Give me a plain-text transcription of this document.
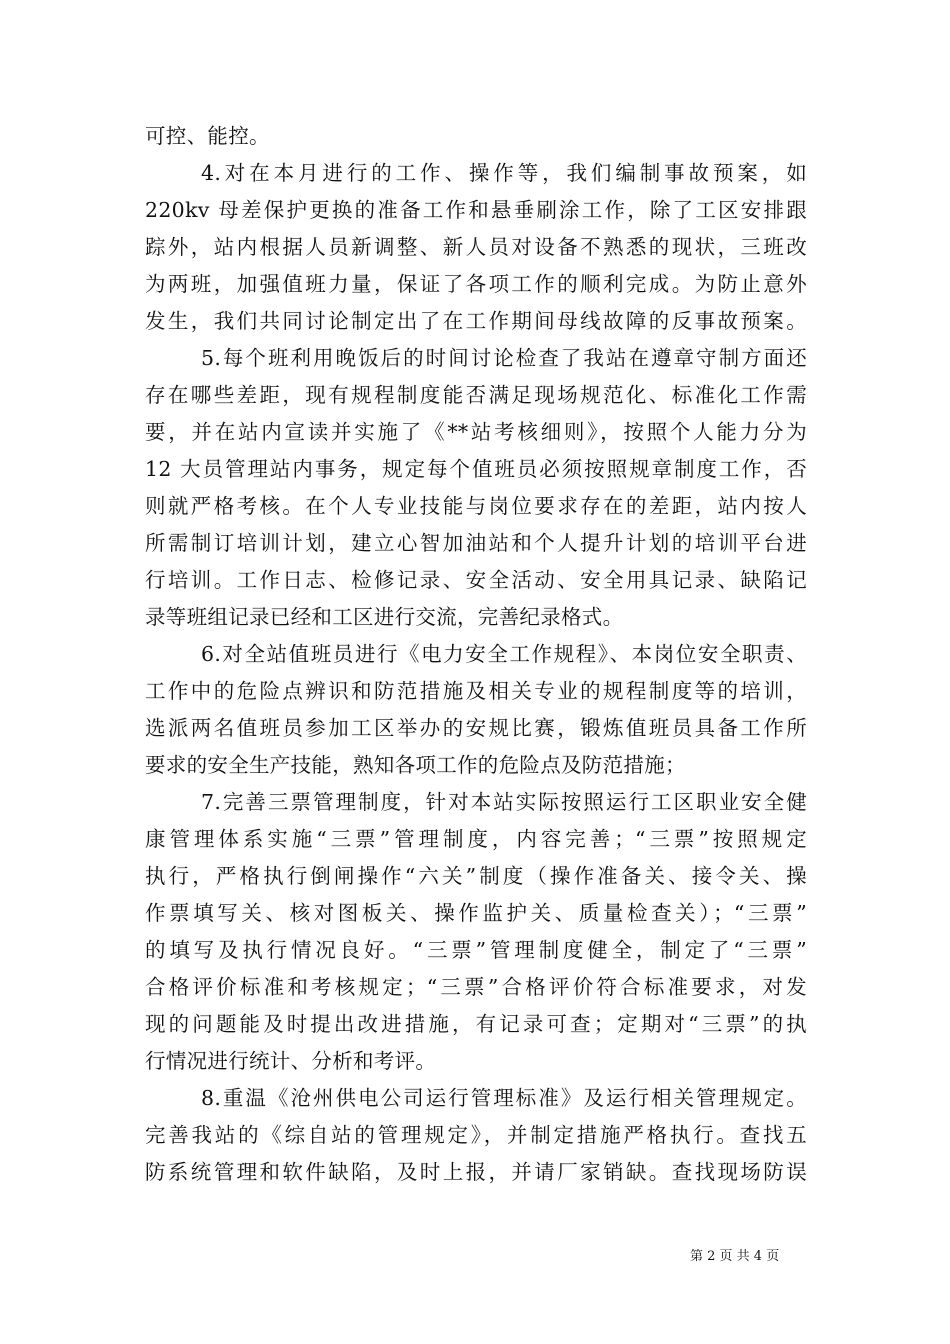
可控、能控。
4.对在本月进行的工作、操作等，我们编制事故预案，如
220kv 母差保护更换的准备工作和悬垂刷涂工作，除了工区安排跟
踪外，站内根据人员新调整、新人员对设备不熟悉的现状，三班改
为两班，加强值班力量，保证了各项工作的顺利完成。为防止意外
发生，我们共同讨论制定出了在工作期间母线故障的反事故预案。
5.每个班利用晚饭后的时间讨论检查了我站在遵章守制方面还
存在哪些差距，现有规程制度能否满足现场规范化、标准化工作需
要，并在站内宣读并实施了《**站考核细则》，按照个人能力分为
12 大员管理站内事务，规定每个值班员必须按照规章制度工作，否
则就严格考核。在个人专业技能与岗位要求存在的差距，站内按人
所需制订培训计划，建立心智加油站和个人提升计划的培训平台进
行培训。工作日志、检修记录、安全活动、安全用具记录、缺陷记
录等班组记录已经和工区进行交流，完善纪录格式。
6.对全站值班员进行《电力安全工作规程》、本岗位安全职责、
工作中的危险点辨识和防范措施及相关专业的规程制度等的培训，
选派两名值班员参加工区举办的安规比赛，锻炼值班员具备工作所
要求的安全生产技能，熟知各项工作的危险点及防范措施；
7.完善三票管理制度，针对本站实际按照运行工区职业安全健
康管理体系实施“三票”管理制度，内容完善；“三票”按照规定
执行，严格执行倒闸操作“六关”制度（操作准备关、接令关、操
作票填写关、核对图板关、操作监护关、质量检查关）；“三票”
的填写及执行情况良好。“三票”管理制度健全，制定了“三票”
合格评价标准和考核规定；“三票”合格评价符合标准要求，对发
现的问题能及时提出改进措施，有记录可查；定期对“三票”的执
行情况进行统计、分析和考评。
8.重温《沧州供电公司运行管理标准》及运行相关管理规定。
完善我站的《综自站的管理规定》，并制定措施严格执行。查找五
防系统管理和软件缺陷，及时上报，并请厂家销缺。查找现场防误
第 2 页 共 4 页
